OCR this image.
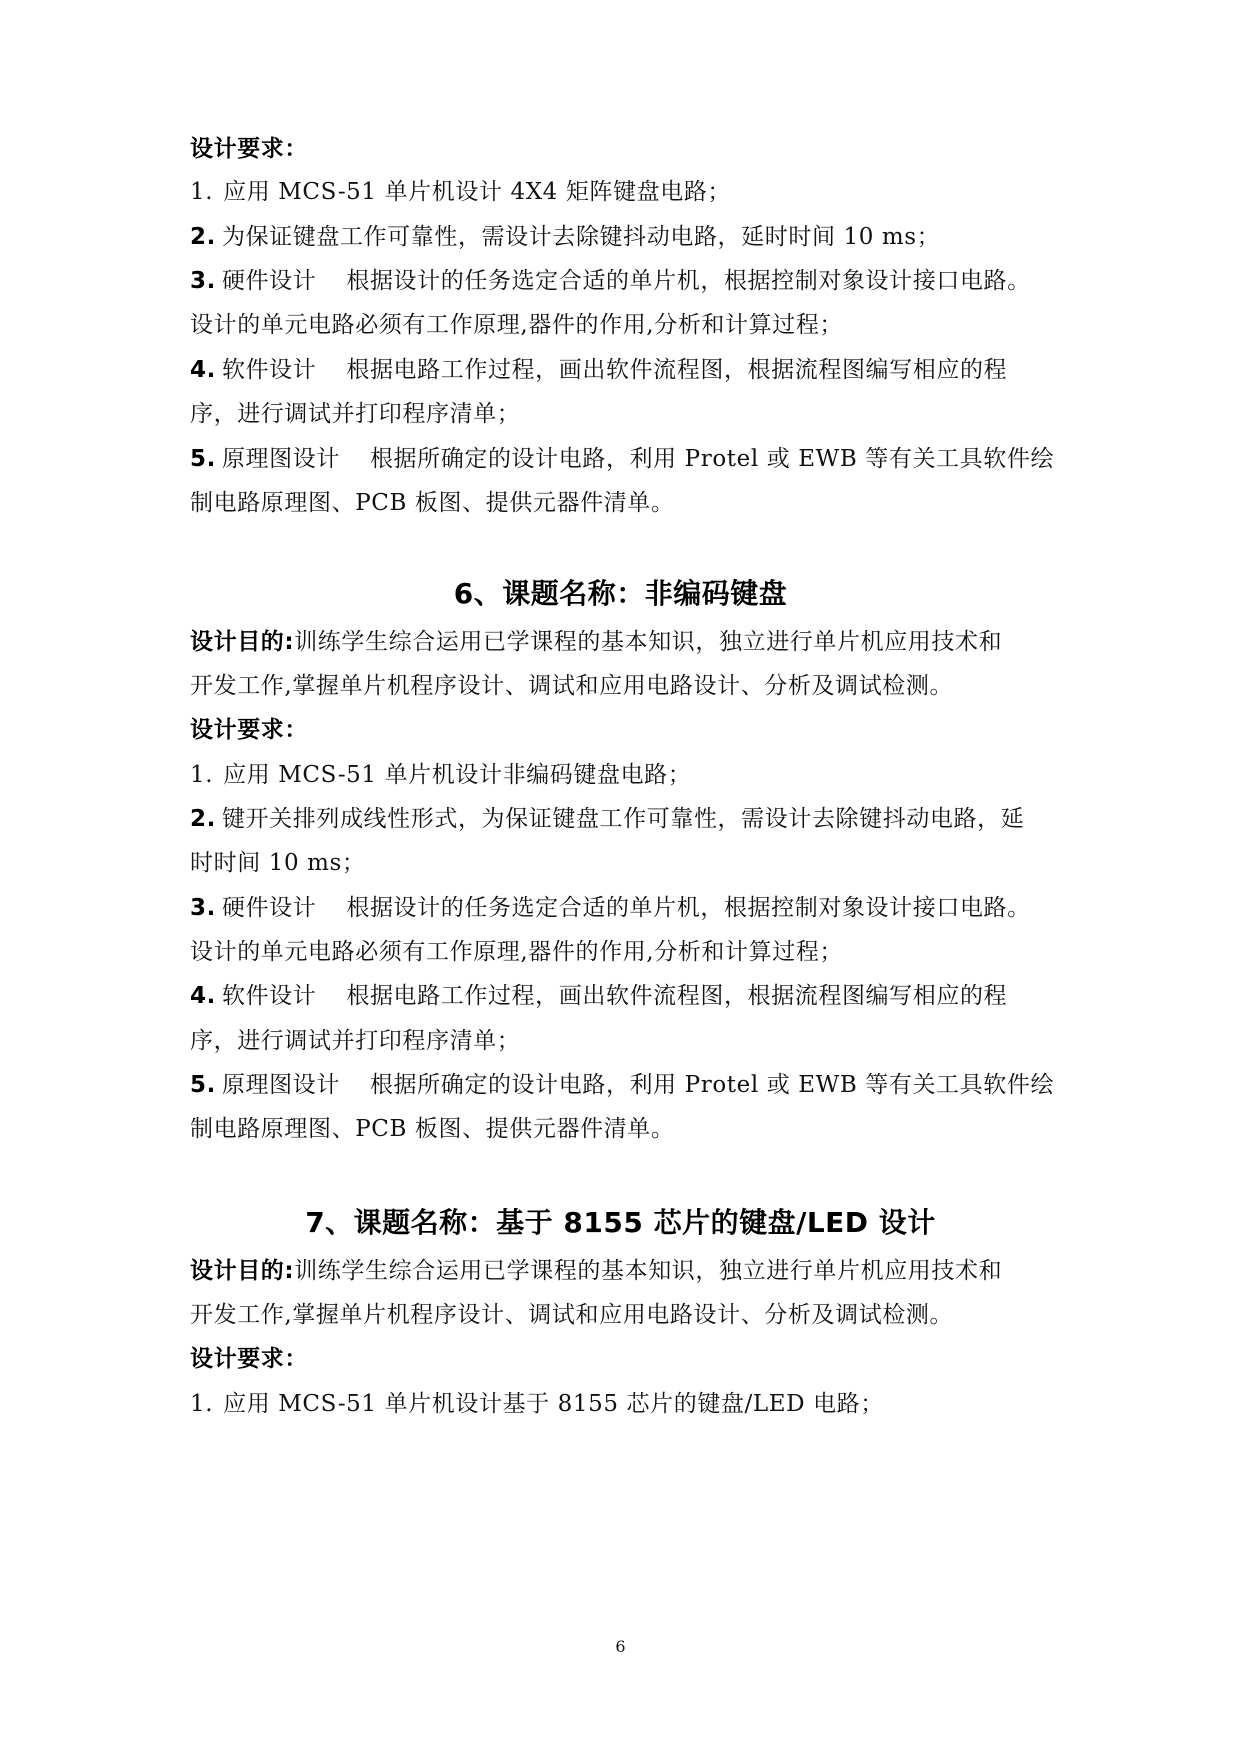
设计要求：
1. 应用 MCS-51 单片机设计 4X4 矩阵键盘电路；
2. 为保证键盘工作可靠性，需设计去除键抖动电路，延时时间 10 ms；
3. 硬件设计 根据设计的任务选定合适的单片机，根据控制对象设计接口电路。
设计的单元电路必须有工作原理,器件的作用,分析和计算过程；
4. 软件设计 根据电路工作过程，画出软件流程图，根据流程图编写相应的程
序，进行调试并打印程序清单；
5. 原理图设计 根据所确定的设计电路，利用 Protel 或 EWB 等有关工具软件绘
制电路原理图、PCB 板图、提供元器件清单。
6、课题名称：非编码键盘
设计目的:训练学生综合运用已学课程的基本知识，独立进行单片机应用技术和
开发工作,掌握单片机程序设计、调试和应用电路设计、分析及调试检测。
设计要求：
1. 应用 MCS-51 单片机设计非编码键盘电路；
2. 键开关排列成线性形式，为保证键盘工作可靠性，需设计去除键抖动电路，延
时时间 10 ms；
3. 硬件设计 根据设计的任务选定合适的单片机，根据控制对象设计接口电路。
设计的单元电路必须有工作原理,器件的作用,分析和计算过程；
4. 软件设计 根据电路工作过程，画出软件流程图，根据流程图编写相应的程
序，进行调试并打印程序清单；
5. 原理图设计 根据所确定的设计电路，利用 Protel 或 EWB 等有关工具软件绘
制电路原理图、PCB 板图、提供元器件清单。
7、课题名称：基于 8155 芯片的键盘/LED 设计
设计目的:训练学生综合运用已学课程的基本知识，独立进行单片机应用技术和
开发工作,掌握单片机程序设计、调试和应用电路设计、分析及调试检测。
设计要求：
1. 应用 MCS-51 单片机设计基于 8155 芯片的键盘/LED 电路；
6
